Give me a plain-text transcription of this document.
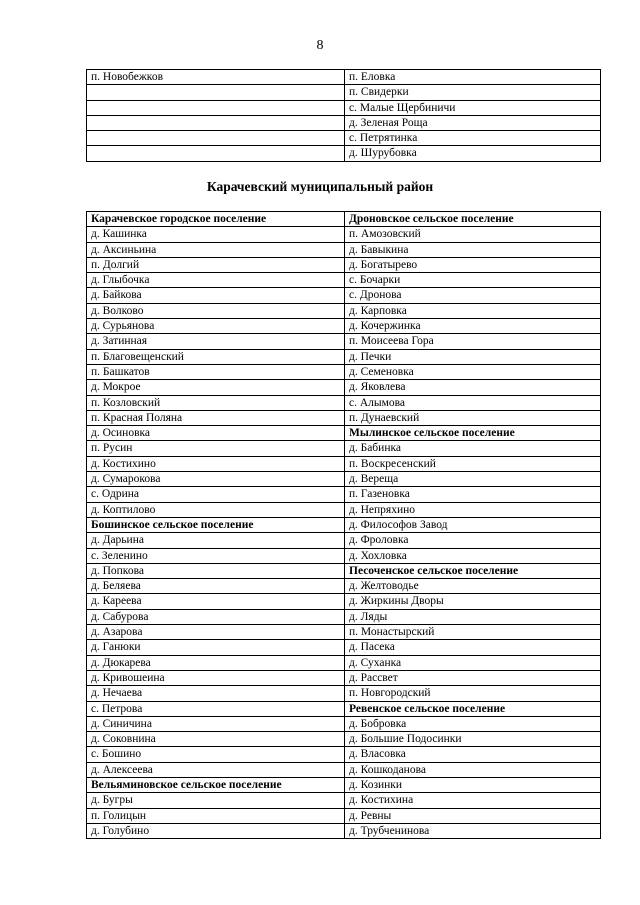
8
п. Новобежков	п. Еловка
	п. Свидерки
	с. Малые Щербиничи
	д. Зеленая Роща
	с. Петрятинка
	д. Шурубовка
Карачевский муниципальный район
Карачевское городское поселение	Дроновское сельское поселение
д. Кашинка	п. Амозовский
д. Аксиньина	д. Бавыкина
п. Долгий	д. Богатырево
д. Глыбочка	с. Бочарки
д. Байкова	с. Дронова
д. Волково	д. Карповка
д. Сурьянова	д. Кочержинка
д. Затинная	п. Моисеева Гора
п. Благовещенский	д. Печки
п. Башкатов	д. Семеновка
д. Мокрое	д. Яковлева
п. Козловский	с. Алымова
п. Красная Поляна	п. Дунаевский
д. Осиновка	Мылинское сельское поселение
п. Русин	д. Бабинка
д. Костихино	п. Воскресенский
д. Сумарокова	д. Вереща
с. Одрина	п. Газеновка
д. Коптилово	д. Непряхино
Бошинское сельское поселение	д. Философов Завод
д. Дарьина	д. Фроловка
с. Зеленино	д. Хохловка
д. Попкова	Песоченское сельское поселение
д. Беляева	д. Желтоводье
д. Кареева	д. Жиркины Дворы
д. Сабурова	д. Ляды
д. Азарова	п. Монастырский
д. Ганюки	д. Пасека
д. Дюкарева	д. Суханка
д. Кривошеина	д. Рассвет
д. Нечаева	п. Новгородский
с. Петрова	Ревенское сельское поселение
д. Синичина	д. Бобровка
д. Соковнина	д. Большие Подосинки
с. Бошино	д. Власовка
д. Алексеева	д. Кошкоданова
Вельяминовское сельское поселение	д. Козинки
д. Бугры	д. Костихина
п. Голицын	д. Ревны
д. Голубино	д. Трубченинова
